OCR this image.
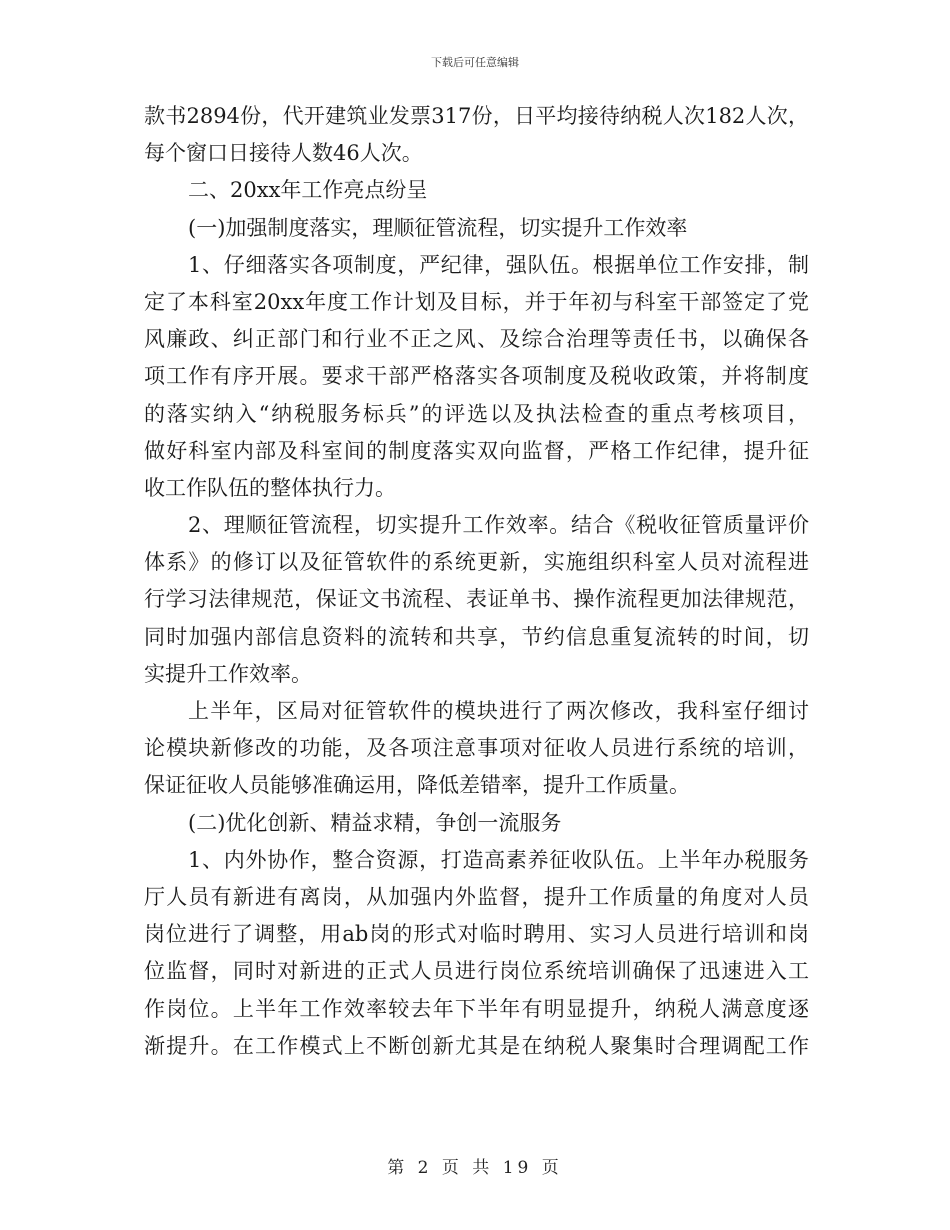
下载后可任意编辑
款书2894份，代开建筑业发票317份，日平均接待纳税人次182人次，
每个窗口日接待人数46人次。
二、20xx年工作亮点纷呈
(一)加强制度落实，理顺征管流程，切实提升工作效率
1、仔细落实各项制度，严纪律，强队伍。根据单位工作安排，制
定了本科室20xx年度工作计划及目标，并于年初与科室干部签定了党
风廉政、纠正部门和行业不正之风、及综合治理等责任书，以确保各
项工作有序开展。要求干部严格落实各项制度及税收政策，并将制度
的落实纳入“纳税服务标兵”的评选以及执法检查的重点考核项目，
做好科室内部及科室间的制度落实双向监督，严格工作纪律，提升征
收工作队伍的整体执行力。
2、理顺征管流程，切实提升工作效率。结合《税收征管质量评价
体系》的修订以及征管软件的系统更新，实施组织科室人员对流程进
行学习法律规范，保证文书流程、表证单书、操作流程更加法律规范，
同时加强内部信息资料的流转和共享，节约信息重复流转的时间，切
实提升工作效率。
上半年，区局对征管软件的模块进行了两次修改，我科室仔细讨
论模块新修改的功能，及各项注意事项对征收人员进行系统的培训，
保证征收人员能够准确运用，降低差错率，提升工作质量。
(二)优化创新、精益求精，争创一流服务
1、内外协作，整合资源，打造高素养征收队伍。上半年办税服务
厅人员有新进有离岗，从加强内外监督，提升工作质量的角度对人员
岗位进行了调整，用ab岗的形式对临时聘用、实习人员进行培训和岗
位监督，同时对新进的正式人员进行岗位系统培训确保了迅速进入工
作岗位。上半年工作效率较去年下半年有明显提升，纳税人满意度逐
渐提升。在工作模式上不断创新尤其是在纳税人聚集时合理调配工作
第 2 页 共 19 页
